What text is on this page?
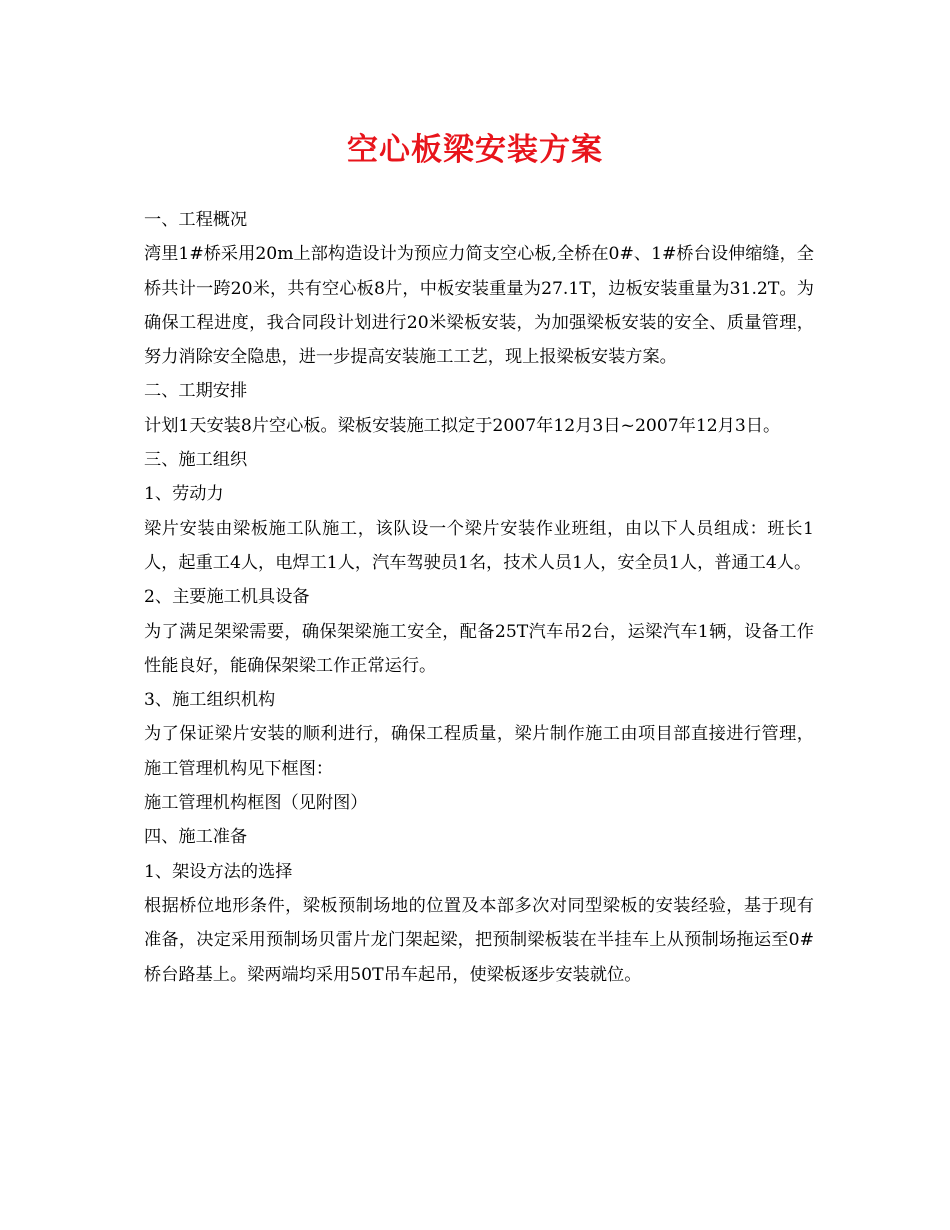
空心板梁安装方案

一、工程概况

湾里1#桥采用20m上部构造设计为预应力简支空心板,全桥在0#、1#桥台设伸缩缝，全桥共计一跨20米，共有空心板8片，中板安装重量为27.1T，边板安装重量为31.2T。为确保工程进度，我合同段计划进行20米梁板安装，为加强梁板安装的安全、质量管理，努力消除安全隐患，进一步提高安装施工工艺，现上报梁板安装方案。

二、工期安排

计划1天安装8片空心板。梁板安装施工拟定于2007年12月3日~2007年12月3日。

三、施工组织

1、劳动力

梁片安装由梁板施工队施工，该队设一个梁片安装作业班组，由以下人员组成：班长1人，起重工4人，电焊工1人，汽车驾驶员1名，技术人员1人，安全员1人，普通工4人。

2、主要施工机具设备

为了满足架梁需要，确保架梁施工安全，配备25T汽车吊2台，运梁汽车1辆，设备工作性能良好，能确保架梁工作正常运行。

3、施工组织机构

为了保证梁片安装的顺利进行，确保工程质量，梁片制作施工由项目部直接进行管理，施工管理机构见下框图：

施工管理机构框图（见附图）

四、施工准备

1、架设方法的选择

根据桥位地形条件，梁板预制场地的位置及本部多次对同型梁板的安装经验，基于现有准备，决定采用预制场贝雷片龙门架起梁，把预制梁板装在半挂车上从预制场拖运至0#桥台路基上。梁两端均采用50T吊车起吊，使梁板逐步安装就位。
